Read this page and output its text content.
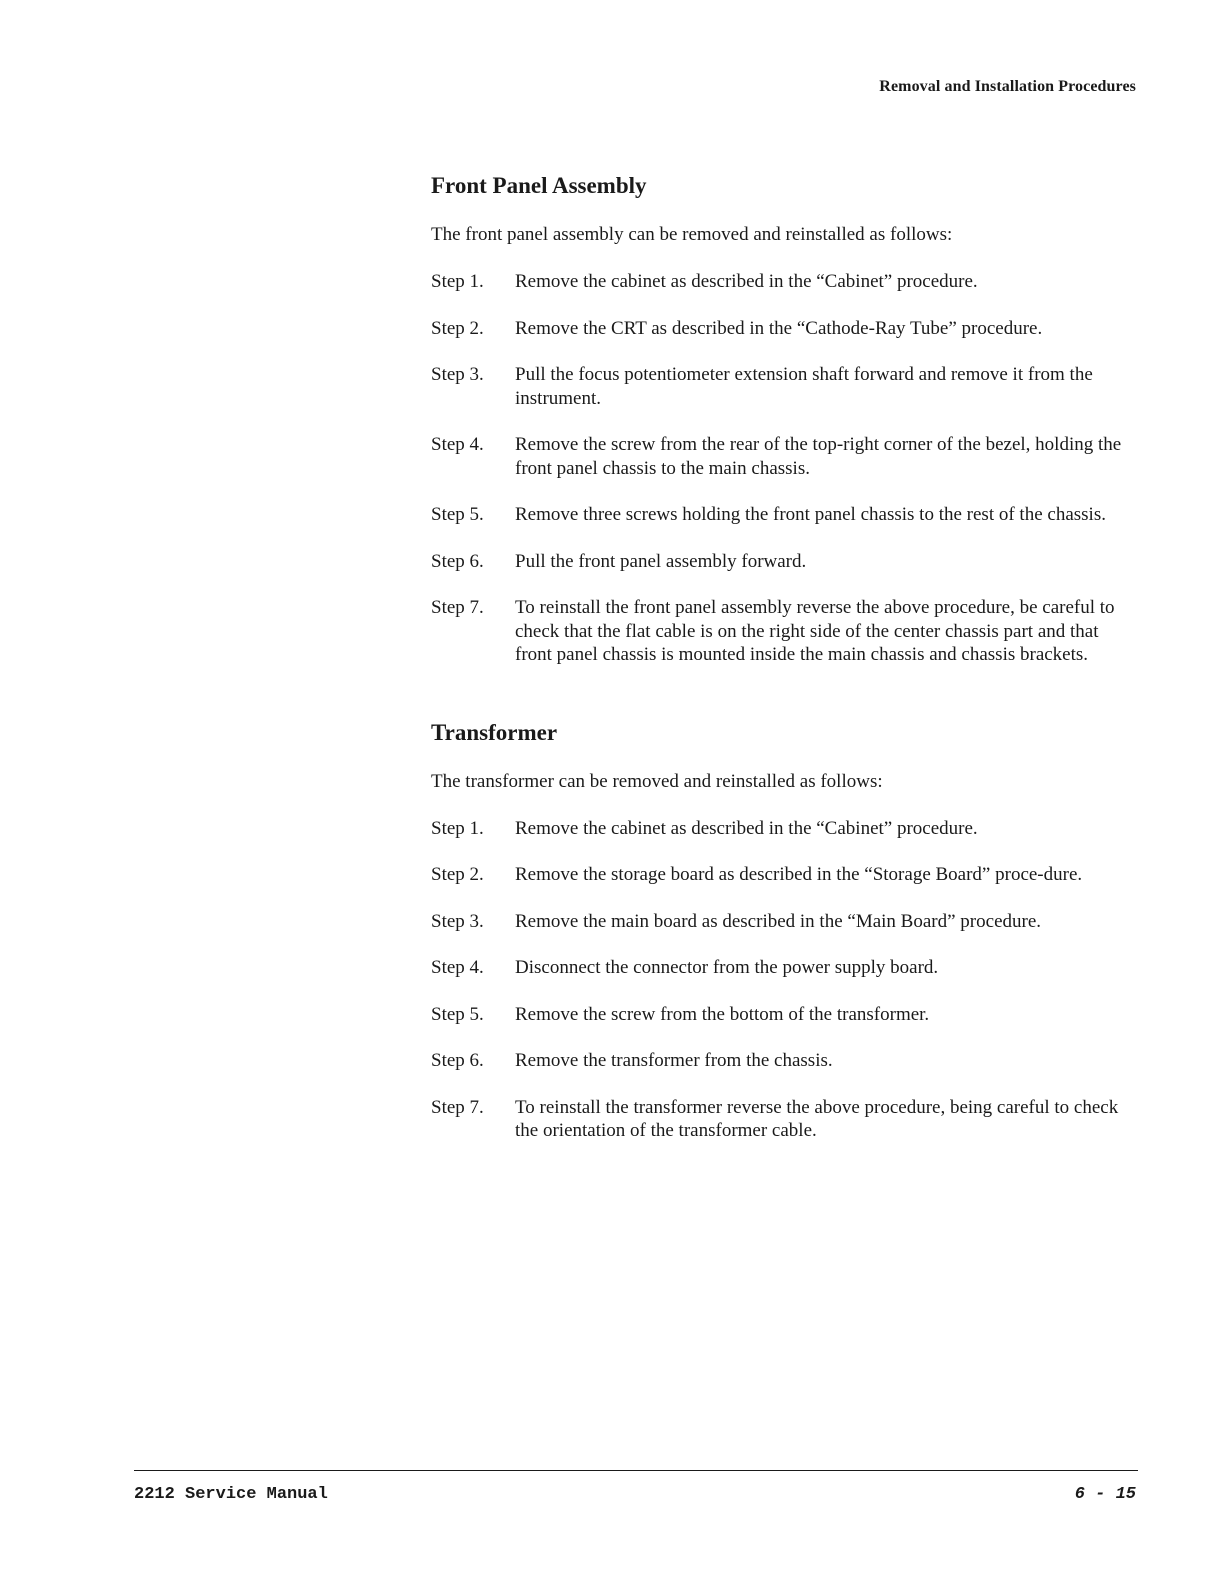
Removal and Installation Procedures
Front Panel Assembly

The front panel assembly can be removed and reinstalled as follows:

Step 1.	Remove the cabinet as described in the “Cabinet” procedure.
Step 2.	Remove the CRT as described in the “Cathode-Ray Tube” procedure.
Step 3.	Pull the focus potentiometer extension shaft forward and remove it from the instrument.
Step 4.	Remove the screw from the rear of the top-right corner of the bezel, holding the front panel chassis to the main chassis.
Step 5.	Remove three screws holding the front panel chassis to the rest of the chassis.
Step 6.	Pull the front panel assembly forward.
Step 7.	To reinstall the front panel assembly reverse the above procedure, be careful to check that the flat cable is on the right side of the center chassis part and that front panel chassis is mounted inside the main chassis and chassis brackets.
Transformer

The transformer can be removed and reinstalled as follows:

Step 1.	Remove the cabinet as described in the “Cabinet” procedure.
Step 2.	Remove the storage board as described in the “Storage Board” proce-dure.
Step 3.	Remove the main board as described in the “Main Board” procedure.
Step 4.	Disconnect the connector from the power supply board.
Step 5.	Remove the screw from the bottom of the transformer.
Step 6.	Remove the transformer from the chassis.
Step 7.	To reinstall the transformer reverse the above procedure, being careful to check the orientation of the transformer cable.
2212 Service Manual	6 - 15
